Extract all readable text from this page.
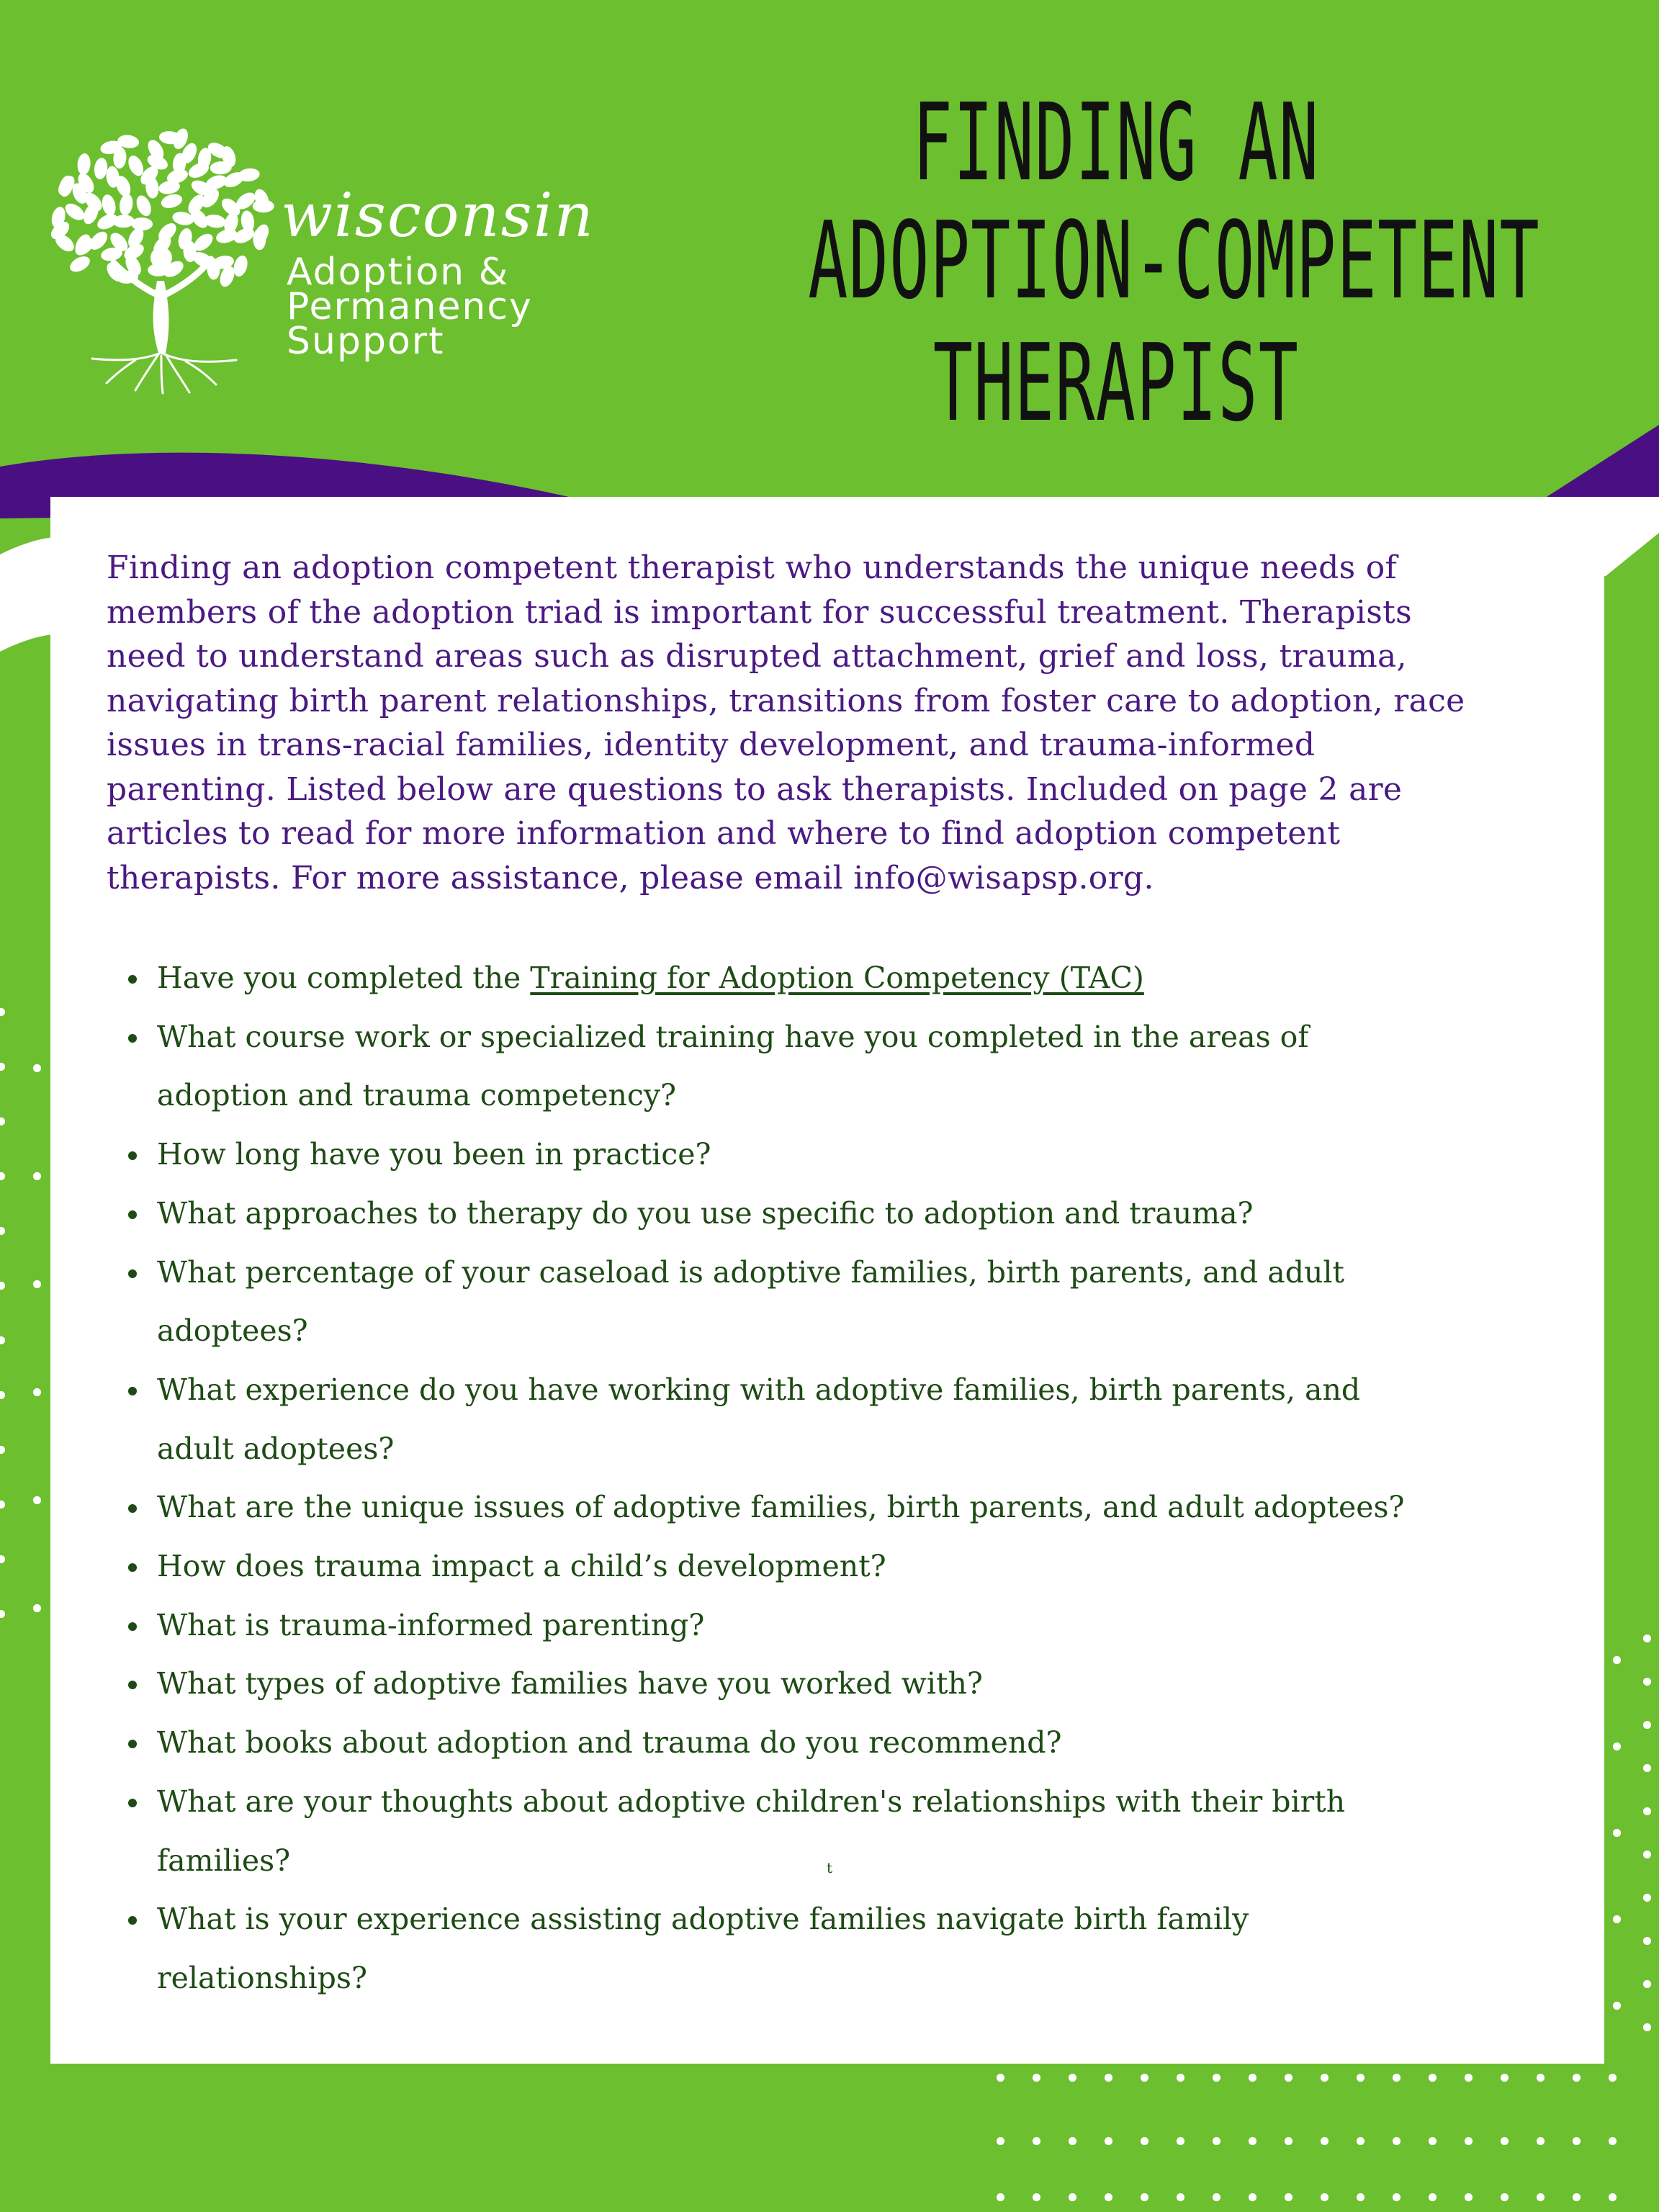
wisconsin
Adoption &
Permanency
Support
FINDING AN
ADOPTION-COMPETENT
THERAPIST
Finding an adoption competent therapist who understands the unique needs of
members of the adoption triad is important for successful treatment. Therapists
need to understand areas such as disrupted attachment, grief and loss, trauma,
navigating birth parent relationships, transitions from foster care to adoption, race
issues in trans-racial families, identity development, and trauma-informed
parenting. Listed below are questions to ask therapists. Included on page 2 are
articles to read for more information and where to find adoption competent
therapists. For more assistance, please email info@wisapsp.org.
Have you completed the Training for Adoption Competency (TAC)
What course work or specialized training have you completed in the areas of
adoption and trauma competency?
How long have you been in practice?
What approaches to therapy do you use specific to adoption and trauma?
What percentage of your caseload is adoptive families, birth parents, and adult
adoptees?
What experience do you have working with adoptive families, birth parents, and
adult adoptees?
What are the unique issues of adoptive families, birth parents, and adult adoptees?
How does trauma impact a child’s development?
What is trauma-informed parenting?
What types of adoptive families have you worked with?
What books about adoption and trauma do you recommend?
What are your thoughts about adoptive children's relationships with their birth
families?
What is your experience assisting adoptive families navigate birth family
relationships?
t
